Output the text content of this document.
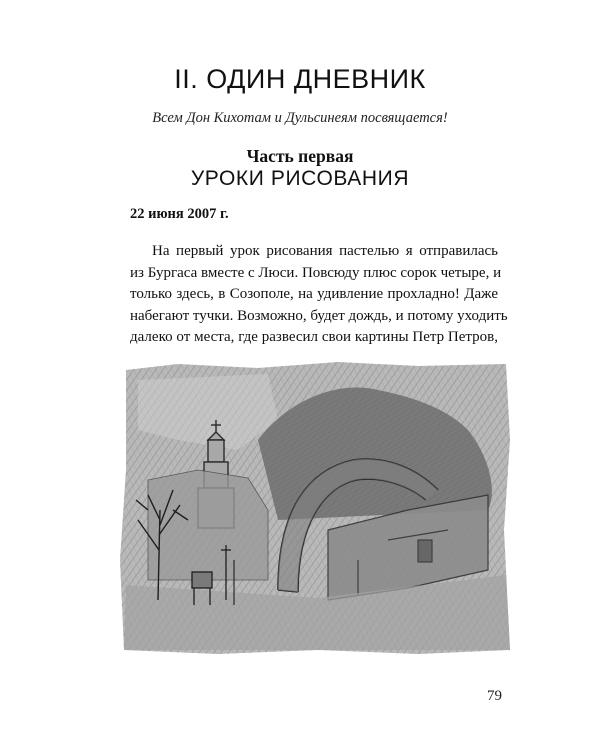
II. ОДИН ДНЕВНИК
Всем Дон Кихотам и Дульсинеям посвящается!
Часть первая
УРОКИ РИСОВАНИЯ
22 июня 2007 г.
На первый урок рисования пастелью я отправилась
из Бургаса вместе с Люси. Повсюду плюс сорок четыре, и
только здесь, в Созополе, на удивление прохладно! Даже
набегают тучки. Возможно, будет дождь, и потому уходить
далеко от места, где развесил свои картины Петр Петров,
79
